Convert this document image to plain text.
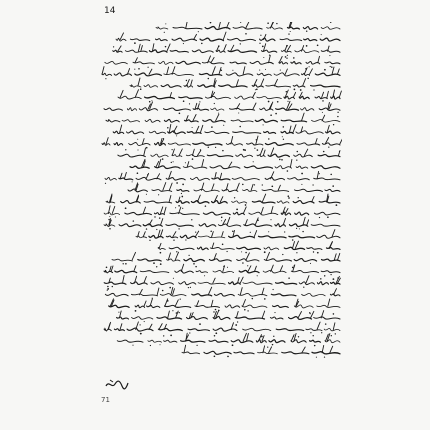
14
71
